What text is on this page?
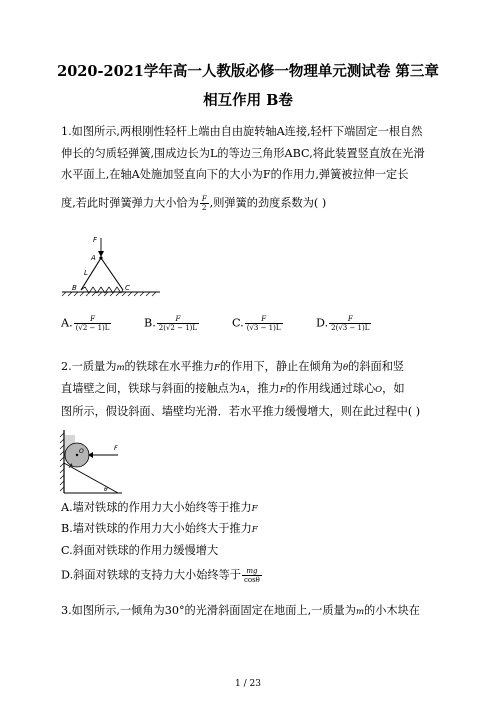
2020-2021学年高一人教版必修一物理单元测试卷 第三章
相互作用 B卷
1.如图所示,两根刚性轻杆上端由自由旋转轴A连接,轻杆下端固定一根自然
伸长的匀质轻弹簧,围成边长为L的等边三角形ABC,将此装置竖直放在光滑
水平面上,在轴A处施加竖直向下的大小为F的作用力,弹簧被拉伸一定长
度,若此时弹簧弹力大小恰为 $\frac{F}{2}$ ,则弹簧的劲度系数为( )
F
A
L
B	C
A. $\frac{F}{(√2 - 1)L}$	B. $\frac{F}{2(√2 - 1)L}$	C. $\frac{F}{(√3 - 1)L}$	D. $\frac{F}{2(√3 - 1)L}$
2.一质量为m的铁球在水平推力F的作用下，静止在倾角为θ的斜面和竖
直墙壁之间，铁球与斜面的接触点为A，推力F的作用线通过球心O，如
图所示，假设斜面、墙壁均光滑．若水平推力缓慢增大，则在此过程中( )
F
O
A
θ
A.墙对铁球的作用力大小始终等于推力F
B.墙对铁球的作用力大小始终大于推力F
C.斜面对铁球的作用力缓慢增大
D.斜面对铁球的支持力大小始终等于 $\frac{mg}{\cos\theta}$
3.如图所示,一倾角为30°的光滑斜面固定在地面上,一质量为m的小木块在
1 / 23
